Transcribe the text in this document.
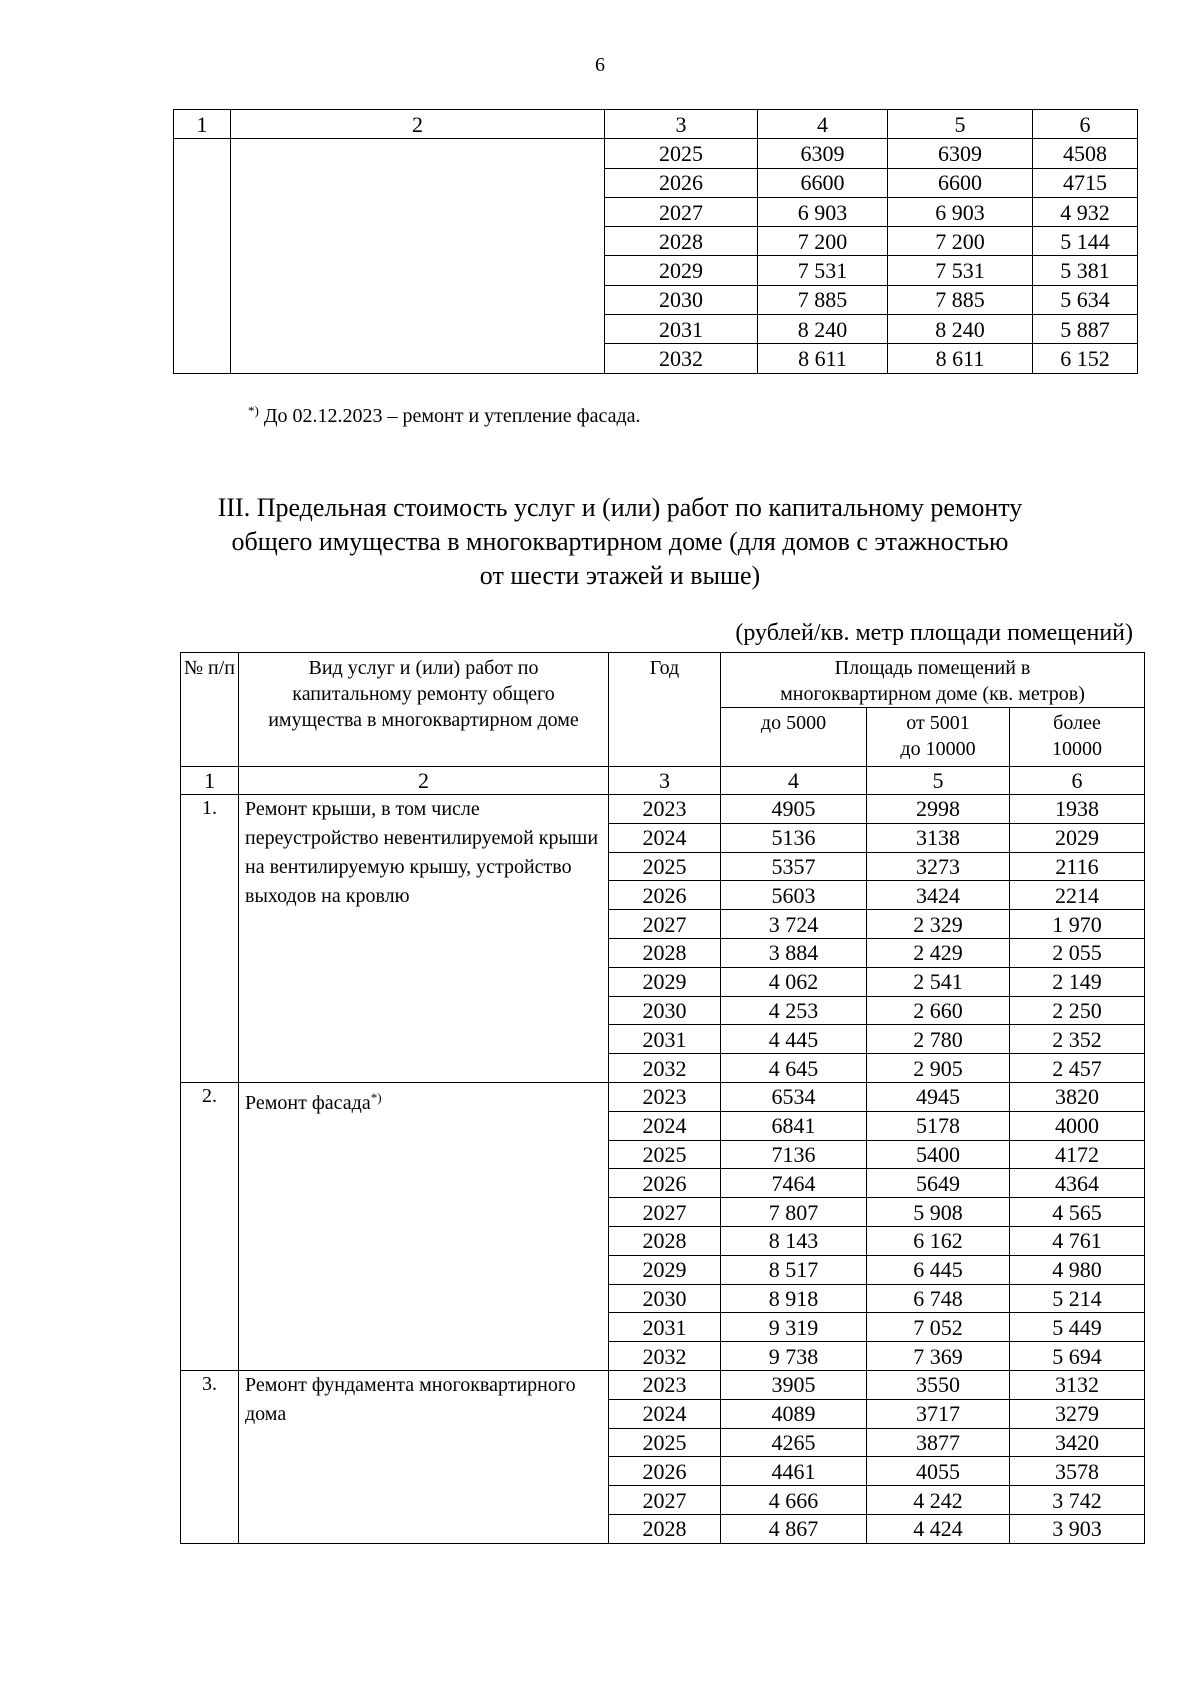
6
1	2	3	4	5	6
		2025	6309	6309	4508
		2026	6600	6600	4715
		2027	6 903	6 903	4 932
		2028	7 200	7 200	5 144
		2029	7 531	7 531	5 381
		2030	7 885	7 885	5 634
		2031	8 240	8 240	5 887
		2032	8 611	8 611	6 152
*) До 02.12.2023 – ремонт и утепление фасада.
III. Предельная стоимость услуг и (или) работ по капитальному ремонту
общего имущества в многоквартирном доме (для домов с этажностью
от шести этажей и выше)
(рублей/кв. метр площади помещений)
№ п/п	Вид услуг и (или) работ по капитальному ремонту общего имущества в многоквартирном доме	Год	Площадь помещений в многоквартирном доме (кв. метров)		
			до 5000	от 5001 до 10000	более 10000
1	2	3	4	5	6
1.	Ремонт крыши, в том числе переустройство невентилируемой крыши на вентилируемую крышу, устройство выходов на кровлю	2023	4905	2998	1938
		2024	5136	3138	2029
		2025	5357	3273	2116
		2026	5603	3424	2214
		2027	3 724	2 329	1 970
		2028	3 884	2 429	2 055
		2029	4 062	2 541	2 149
		2030	4 253	2 660	2 250
		2031	4 445	2 780	2 352
		2032	4 645	2 905	2 457
2.	Ремонт фасада*)	2023	6534	4945	3820
		2024	6841	5178	4000
		2025	7136	5400	4172
		2026	7464	5649	4364
		2027	7 807	5 908	4 565
		2028	8 143	6 162	4 761
		2029	8 517	6 445	4 980
		2030	8 918	6 748	5 214
		2031	9 319	7 052	5 449
		2032	9 738	7 369	5 694
3.	Ремонт фундамента многоквартирного дома	2023	3905	3550	3132
		2024	4089	3717	3279
		2025	4265	3877	3420
		2026	4461	4055	3578
		2027	4 666	4 242	3 742
		2028	4 867	4 424	3 903
